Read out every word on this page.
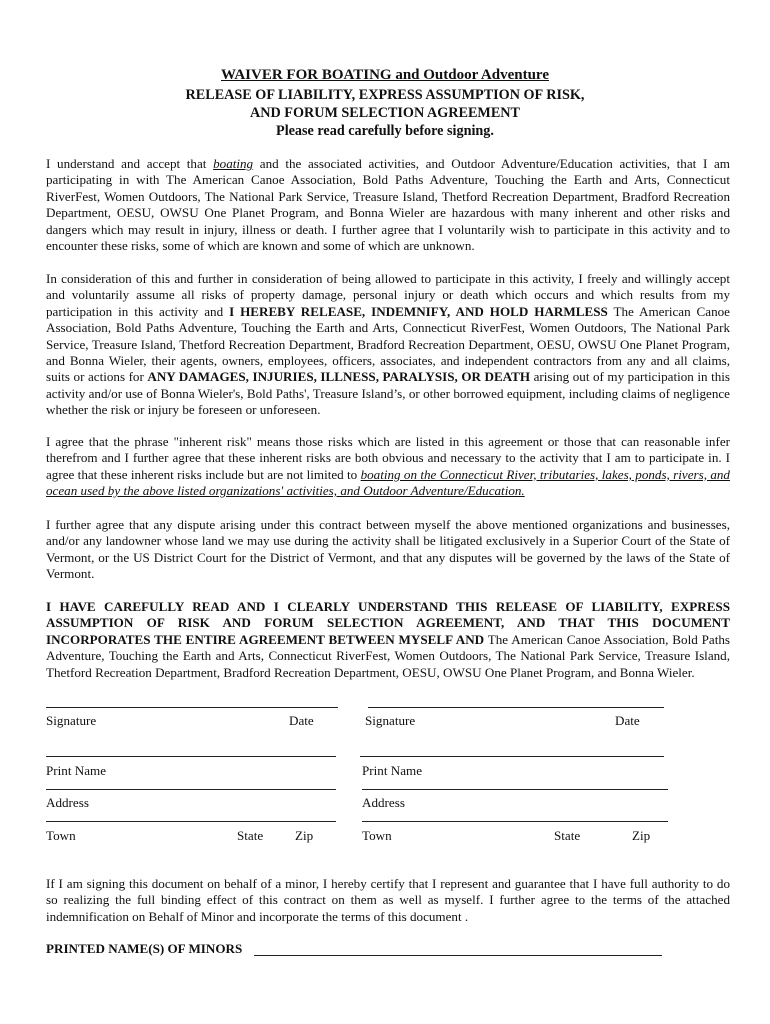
WAIVER FOR BOATING and Outdoor Adventure
RELEASE OF LIABILITY, EXPRESS ASSUMPTION OF RISK,
AND FORUM SELECTION AGREEMENT
Please read carefully before signing.
I understand and accept that boating and the associated activities, and Outdoor Adventure/Education activities, that I am participating in with The American Canoe Association, Bold Paths Adventure, Touching the Earth and Arts, Connecticut RiverFest, Women Outdoors, The National Park Service, Treasure Island, Thetford Recreation Department, Bradford Recreation Department, OESU, OWSU One Planet Program, and Bonna Wieler are hazardous with many inherent and other risks and dangers which may result in injury, illness or death. I further agree that I voluntarily wish to participate in this activity and to encounter these risks, some of which are known and some of which are unknown.
In consideration of this and further in consideration of being allowed to participate in this activity, I freely and willingly accept and voluntarily assume all risks of property damage, personal injury or death which occurs and which results from my participation in this activity and I HEREBY RELEASE, INDEMNIFY, AND HOLD HARMLESS The American Canoe Association, Bold Paths Adventure, Touching the Earth and Arts, Connecticut RiverFest, Women Outdoors, The National Park Service, Treasure Island, Thetford Recreation Department, Bradford Recreation Department, OESU, OWSU One Planet Program, and Bonna Wieler, their agents, owners, employees, officers, associates, and independent contractors from any and all claims, suits or actions for ANY DAMAGES, INJURIES, ILLNESS, PARALYSIS, OR DEATH arising out of my participation in this activity and/or use of Bonna Wieler's, Bold Paths', Treasure Island’s, or other borrowed equipment, including claims of negligence whether the risk or injury be foreseen or unforeseen.
I agree that the phrase "inherent risk" means those risks which are listed in this agreement or those that can reasonable infer therefrom and I further agree that these inherent risks are both obvious and necessary to the activity that I am to participate in. I agree that these inherent risks include but are not limited to boating on the Connecticut River, tributaries, lakes, ponds, rivers, and ocean used by the above listed organizations' activities, and Outdoor Adventure/Education.
I further agree that any dispute arising under this contract between myself the above mentioned organizations and businesses, and/or any landowner whose land we may use during the activity shall be litigated exclusively in a Superior Court of the State of Vermont, or the US District Court for the District of Vermont, and that any disputes will be governed by the laws of the State of Vermont.
I HAVE CAREFULLY READ AND I CLEARLY UNDERSTAND THIS RELEASE OF LIABILITY, EXPRESS ASSUMPTION OF RISK AND FORUM SELECTION AGREEMENT, AND THAT THIS DOCUMENT INCORPORATES THE ENTIRE AGREEMENT BETWEEN MYSELF AND The American Canoe Association, Bold Paths Adventure, Touching the Earth and Arts, Connecticut RiverFest, Women Outdoors, The National Park Service, Treasure Island, Thetford Recreation Department, Bradford Recreation Department, OESU, OWSU One Planet Program, and Bonna Wieler.
Signature	Date
Print Name
Address
Town	State Zip
Signature	Date
Print Name
Address
Town	State	Zip
If I am signing this document on behalf of a minor, I hereby certify that I represent and guarantee that I have full authority to do so realizing the full binding effect of this contract on them as well as myself. I further agree to the terms of the attached indemnification on Behalf of Minor and incorporate the terms of this document .
PRINTED NAME(S) OF MINORS
